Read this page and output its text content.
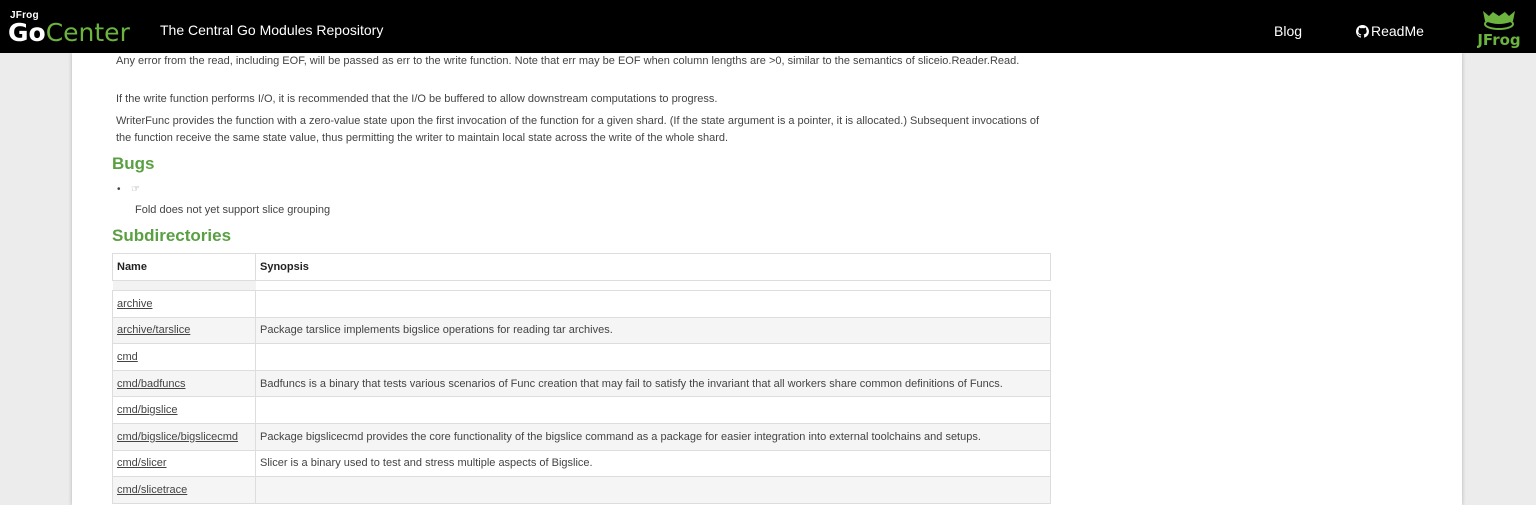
JFrog
GoCenter The Central Go Modules Repository	Blog	ReadMe	JFrog

Any error from the read, including EOF, will be passed as err to the write function. Note that err may be EOF when column lengths are >0, similar to the semantics of sliceio.Reader.Read.

If the write function performs I/O, it is recommended that the I/O be buffered to allow downstream computations to progress.

WriterFunc provides the function with a zero-value state upon the first invocation of the function for a given shard. (If the state argument is a pointer, it is allocated.) Subsequent invocations of the function receive the same state value, thus permitting the writer to maintain local state across the write of the whole shard.

Bugs
• ☞
Fold does not yet support slice grouping
Subdirectories
Name	Synopsis

archive	
archive/tarslice	Package tarslice implements bigslice operations for reading tar archives.
cmd	
cmd/badfuncs	Badfuncs is a binary that tests various scenarios of Func creation that may fail to satisfy the invariant that all workers share common definitions of Funcs.
cmd/bigslice	
cmd/bigslice/bigslicecmd	Package bigslicecmd provides the core functionality of the bigslice command as a package for easier integration into external toolchains and setups.
cmd/slicer	Slicer is a binary used to test and stress multiple aspects of Bigslice.
cmd/slicetrace	
